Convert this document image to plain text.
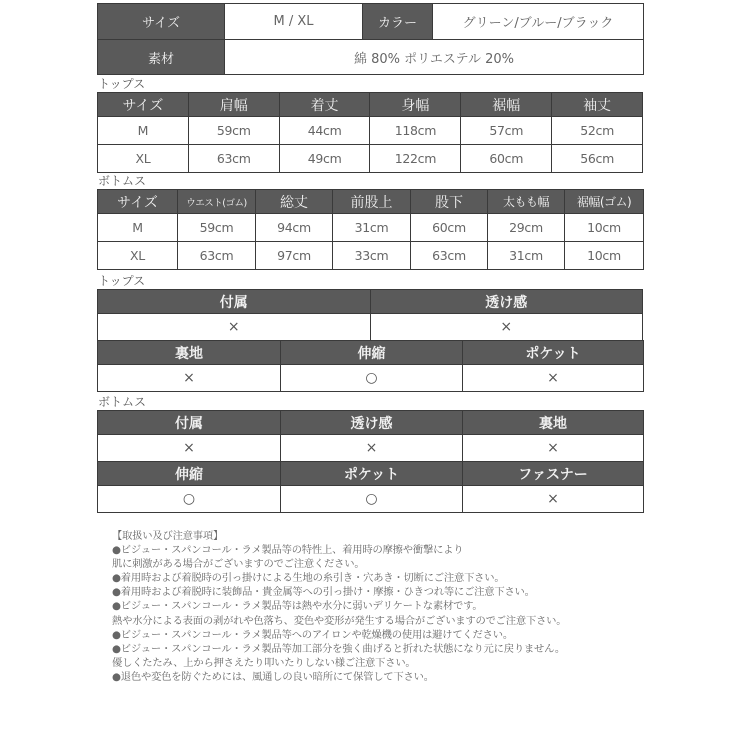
サイズ	M / XL	カラー	グリーン/ブルー/ブラック
素材	綿 80% ポリエステル 20%		
トップス
サイズ	肩幅	着丈	身幅	裾幅	袖丈
M	59cm	44cm	118cm	57cm	52cm
XL	63cm	49cm	122cm	60cm	56cm
ボトムス
サイズ	ウエスト(ゴム)	総丈	前股上	股下	太もも幅	裾幅(ゴム)
M	59cm	94cm	31cm	60cm	29cm	10cm
XL	63cm	97cm	33cm	63cm	31cm	10cm
トップス
付属	透け感
×	×
裏地	伸縮	ポケット
×	○	×
ボトムス
付属	透け感	裏地
×	×	×
伸縮	ポケット	ファスナー
○	○	×
【取扱い及び注意事項】
●ビジュー・スパンコール・ラメ製品等の特性上、着用時の摩擦や衝撃により
肌に刺激がある場合がございますのでご注意ください。
●着用時および着脱時の引っ掛けによる生地の糸引き・穴あき・切断にご注意下さい。
●着用時および着脱時に装飾品・貴金属等への引っ掛け・摩擦・ひきつれ等にご注意下さい。
●ビジュー・スパンコール・ラメ製品等は熱や水分に弱いデリケートな素材です。
熱や水分による表面の剥がれや色落ち、変色や変形が発生する場合がございますのでご注意下さい。
●ビジュー・スパンコール・ラメ製品等へのアイロンや乾燥機の使用は避けてください。
●ビジュー・スパンコール・ラメ製品等加工部分を強く曲げると折れた状態になり元に戻りません。
優しくたたみ、上から押さえたり叩いたりしない様ご注意下さい。
●退色や変色を防ぐためには、風通しの良い暗所にて保管して下さい。
